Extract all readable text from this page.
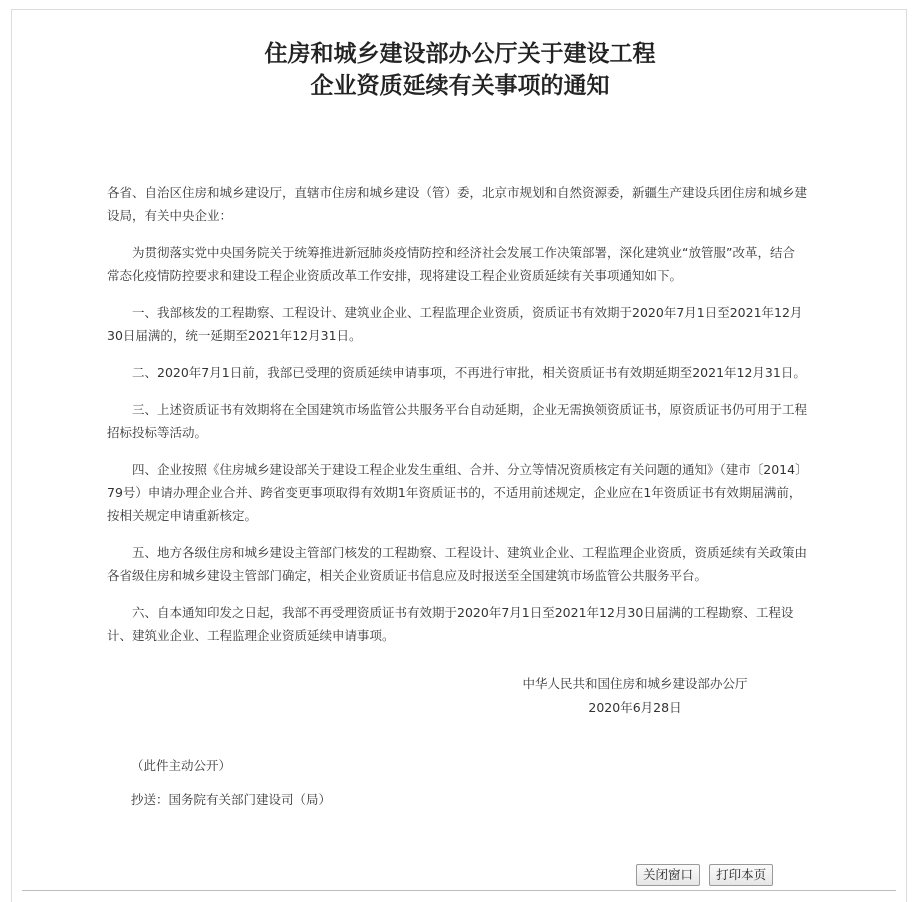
住房和城乡建设部办公厅关于建设工程
企业资质延续有关事项的通知

各省、自治区住房和城乡建设厅，直辖市住房和城乡建设（管）委，北京市规划和自然资源委，新疆生产建设兵团住房和城乡建设局，有关中央企业：

为贯彻落实党中央国务院关于统筹推进新冠肺炎疫情防控和经济社会发展工作决策部署，深化建筑业“放管服”改革，结合常态化疫情防控要求和建设工程企业资质改革工作安排，现将建设工程企业资质延续有关事项通知如下。

一、我部核发的工程勘察、工程设计、建筑业企业、工程监理企业资质，资质证书有效期于2020年7月1日至2021年12月30日届满的，统一延期至2021年12月31日。

二、2020年7月1日前，我部已受理的资质延续申请事项，不再进行审批，相关资质证书有效期延期至2021年12月31日。

三、上述资质证书有效期将在全国建筑市场监管公共服务平台自动延期，企业无需换领资质证书，原资质证书仍可用于工程招标投标等活动。

四、企业按照《住房城乡建设部关于建设工程企业发生重组、合并、分立等情况资质核定有关问题的通知》（建市〔2014〕79号）申请办理企业合并、跨省变更事项取得有效期1年资质证书的，不适用前述规定，企业应在1年资质证书有效期届满前，按相关规定申请重新核定。

五、地方各级住房和城乡建设主管部门核发的工程勘察、工程设计、建筑业企业、工程监理企业资质，资质延续有关政策由各省级住房和城乡建设主管部门确定，相关企业资质证书信息应及时报送至全国建筑市场监管公共服务平台。

六、自本通知印发之日起，我部不再受理资质证书有效期于2020年7月1日至2021年12月30日届满的工程勘察、工程设计、建筑业企业、工程监理企业资质延续申请事项。

中华人民共和国住房和城乡建设部办公厅
2020年6月28日
（此件主动公开）
抄送：国务院有关部门建设司（局）
关闭窗口 打印本页
